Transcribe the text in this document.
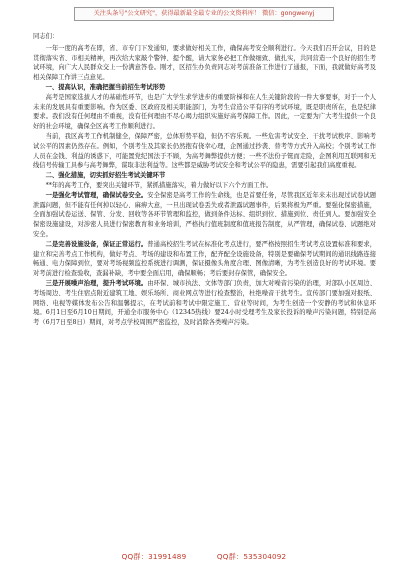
关注头条号"公文研究"，获得最新最全最专业的公文资料库！ 微信：gongwenyj
同志们：

一年一度的高考在即，省、市专门下发通知，要求做好相关工作，确保高考安全顺利进行。今天我们召开会议，目的是贯彻落实省、市相关精神，再次给大家敲个警钟、提个醒，请大家务必把工作做细致、做扎实，共同营造一个良好的招生考试环境，向广大人民群众交上一份满意答卷。刚才，区招生办负责同志对考前准备工作进行了通报，下面，我就做好高考及相关保障工作讲三点意见。

一、提高认识，准确把握当前招生考试形势

高考是国家选拔人才的基础性环节，也是广大学生求学进步的重要阶梯和在人生关键阶段的一件大事要事，对于一个人未来的发展具有重要影响。作为区委、区政府及相关职能部门，为考生营造公平有序的考试环境，既是职责所在，也是纪律要求。我们没有任何理由不重视，没有任何理由不尽心竭力组织实施好高考保障工作。因此，一定要为广大考生提供一个良好的社会环境，确保全区高考工作顺利进行。

当前，我区高考工作机制健全，保障严密，总体形势平稳，但仍不容乐观。一些危害考试安全、干扰考试秩序、影响考试公平的因素仍然存在。例如，个别考生及其家长仍然抱有侥幸心理，企图通过抄袭、替考等方式升入高校；个别考试工作人员在金钱、利益的诱惑下，可能置党纪国法于不顾，为高考舞弊提供方便；一些不法份子铤而走险，企图利用互联网和无线信号传输工具参与高考舞弊，谋取非法利益等。这些都是威胁考试安全和考试公平的隐患，需要引起我们高度重视。

二、强化措施，切实抓好招生考试关键环节

**年的高考工作，要突出关键环节，紧抓措施落实，着力做好以下六个方面工作。

一是强化考试管理，确保试卷安全。安全保密是高考工作的生命线，也是首要任务，尽管我区近年来未出现过试卷试题泄露问题，但不能有任何掉以轻心、麻痹大意，一旦出现试卷丢失或者泄露试题事件，后果将极为严重。要强化保密措施，全面加强试卷运送、保管、分发、回收等各环节管理和监控，做到条件达标、组织到位、措施到位、责任到人。要加强安全保密设施建设，对涉密人员进行保密教育和业务培训，严格执行值班制度和值班报告制度，从严管理，确保试卷、试题绝对安全。

二是完善设施设备，保证正常运行。普通高校招生考试在标准化考点进行，要严格按照招生考试考点设置标准和要求，建立和完善考点工作机构，做好考点、考场的建设和布置工作，配齐配全设施设备，特别是要确保考试期间的通讯线路连接畅通、电力保障到位，要对考场视频监控系统进行调测，保证摄像头角度合理、图像清晰，为考生创造良好的考试环境。要对考前进行检查验收，查漏补缺，考中要全面启用，确保顺畅；考后要封存保管，确保安全。

三是开展噪声治理，提升考试环境。由环保、城市执法、文体等部门负责，加大对噪音污染的治理，对部队小区周边、考场周边、考生住宿点附近建筑工地、娱乐场所、商业网点等进行检查整治，杜绝噪音干扰考生。宣传部门要加强对报纸、网络、电视等媒体发布公告和温馨提示，在考试前和考试中限定施工、营业等时间，为考生创造一个安静的考试和休息环境。6月1日至6月10日期间，开通全市服务中心（12345热线）要24小时受理考生及家长投诉的噪声污染问题，特别是高考（6月7日至8日）期间，对考点学校周围严密监控，及时消除各类噪声污染。

QQ群：31991489	QQ群：535304092
